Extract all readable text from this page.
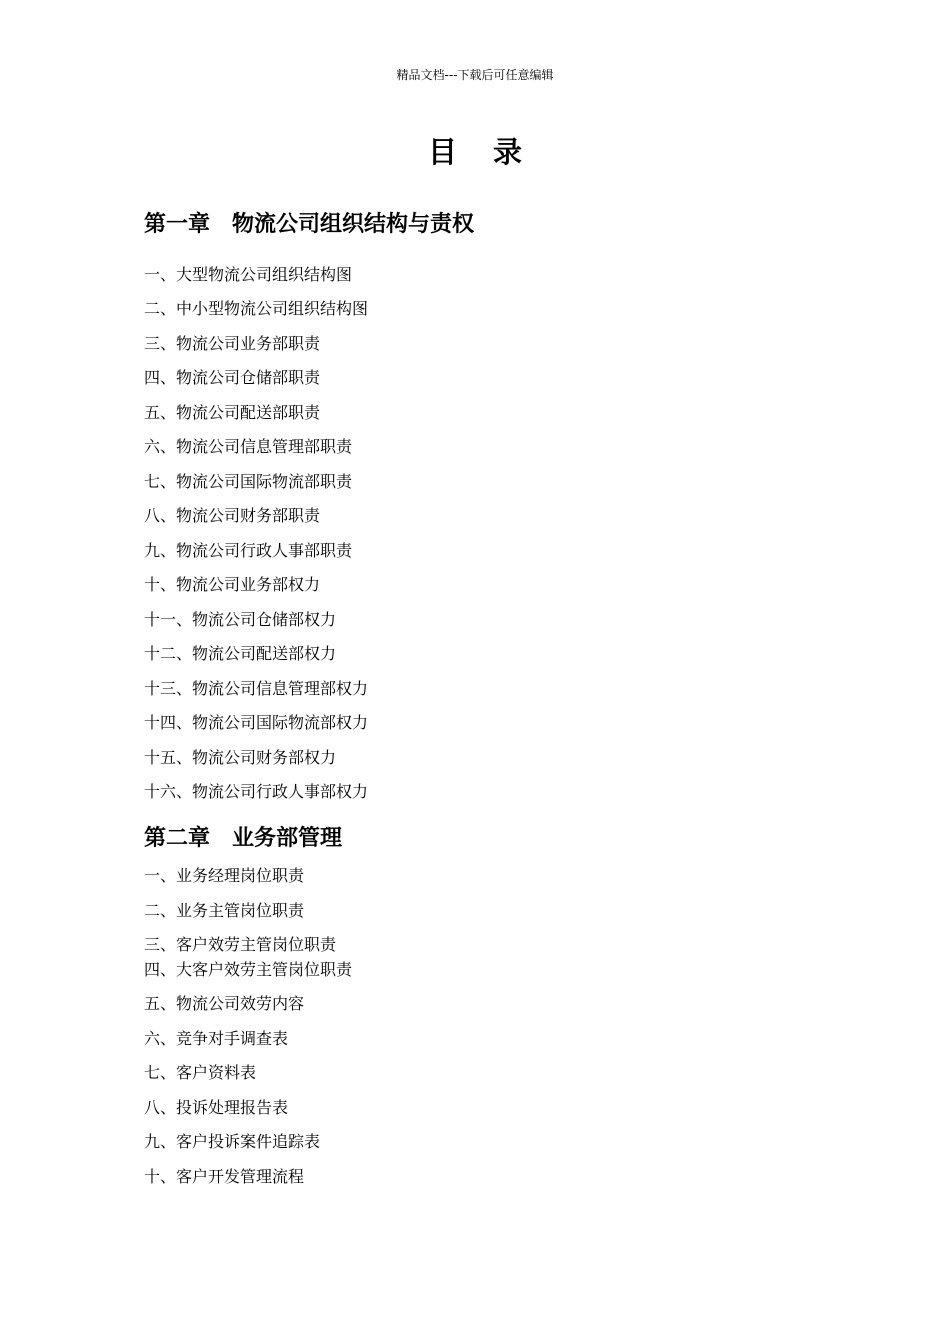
精品文档---下载后可任意编辑
目录
第一章　物流公司组织结构与责权
一、大型物流公司组织结构图
二、中小型物流公司组织结构图
三、物流公司业务部职责
四、物流公司仓储部职责
五、物流公司配送部职责
六、物流公司信息管理部职责
七、物流公司国际物流部职责
八、物流公司财务部职责
九、物流公司行政人事部职责
十、物流公司业务部权力
十一、物流公司仓储部权力
十二、物流公司配送部权力
十三、物流公司信息管理部权力
十四、物流公司国际物流部权力
十五、物流公司财务部权力
十六、物流公司行政人事部权力
第二章　业务部管理
一、业务经理岗位职责
二、业务主管岗位职责
三、客户效劳主管岗位职责
四、大客户效劳主管岗位职责
五、物流公司效劳内容
六、竞争对手调查表
七、客户资料表
八、投诉处理报告表
九、客户投诉案件追踪表
十、客户开发管理流程
